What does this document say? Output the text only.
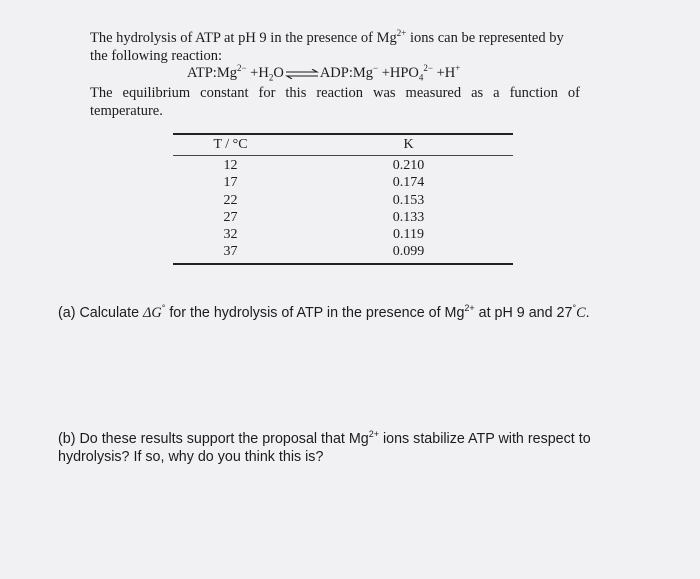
The hydrolysis of ATP at pH 9 in the presence of $Mg^{2+}$ ions can be represented by the following reaction:
$ATP:Mg^{2-}$ $+H_2O\rightleftharpoons ADP:Mg^- +HPO_4^{2-} +H^+$
The equilibrium constant for this reaction was measured as a function of temperature.
T / °C	K
12	0.210
17	0.174
22	0.153
27	0.133
32	0.119
37	0.099
(a) Calculate ΔG° for the hydrolysis of ATP in the presence of $Mg^{2+}$ at pH 9 and 27°C.
(b) Do these results support the proposal that $Mg^{2+}$ ions stabilize ATP with respect to hydrolysis? If so, why do you think this is?
